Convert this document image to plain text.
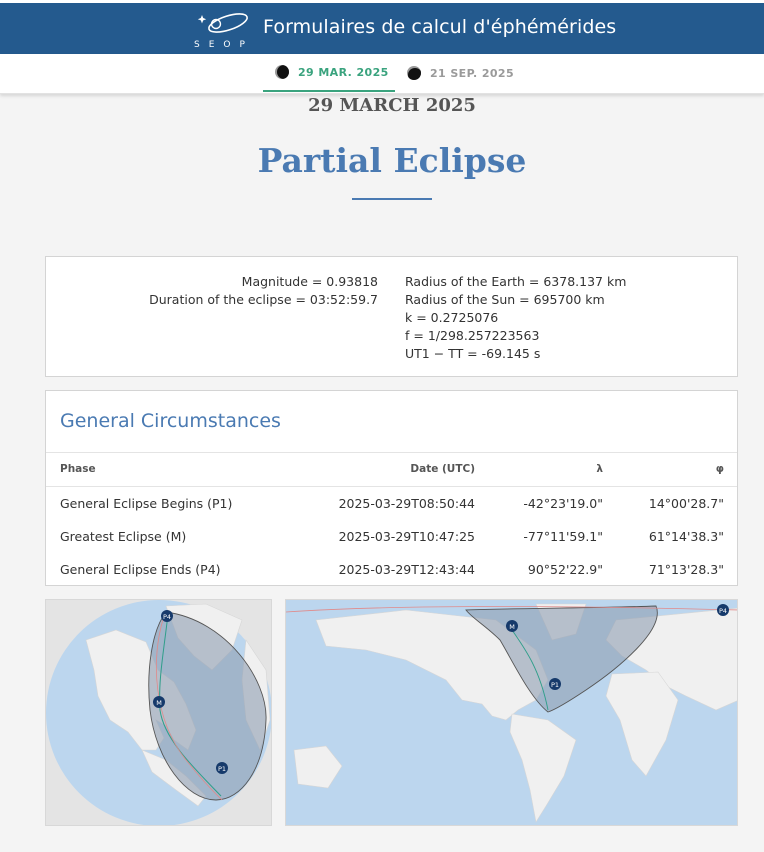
SEOP
Formulaires de calcul d'éphémérides
29 MAR. 2025	21 SEP. 2025
29 MARCH 2025
Partial Eclipse
Magnitude = 0.93818
Duration of the eclipse = 03:52:59.7
Radius of the Earth = 6378.137 km
Radius of the Sun = 695700 km
k = 0.2725076
f = 1/298.257223563
UT1 − TT = -69.145 s
General Circumstances
Phase	Date (UTC)	λ	φ
General Eclipse Begins (P1)	2025-03-29T08:50:44	-42°23'19.0"	14°00'28.7"
Greatest Eclipse (M)	2025-03-29T10:47:25	-77°11'59.1"	61°14'38.3"
General Eclipse Ends (P4)	2025-03-29T12:43:44	90°52'22.9"	71°13'28.3"
P4
M
P1
M
P1
P4
